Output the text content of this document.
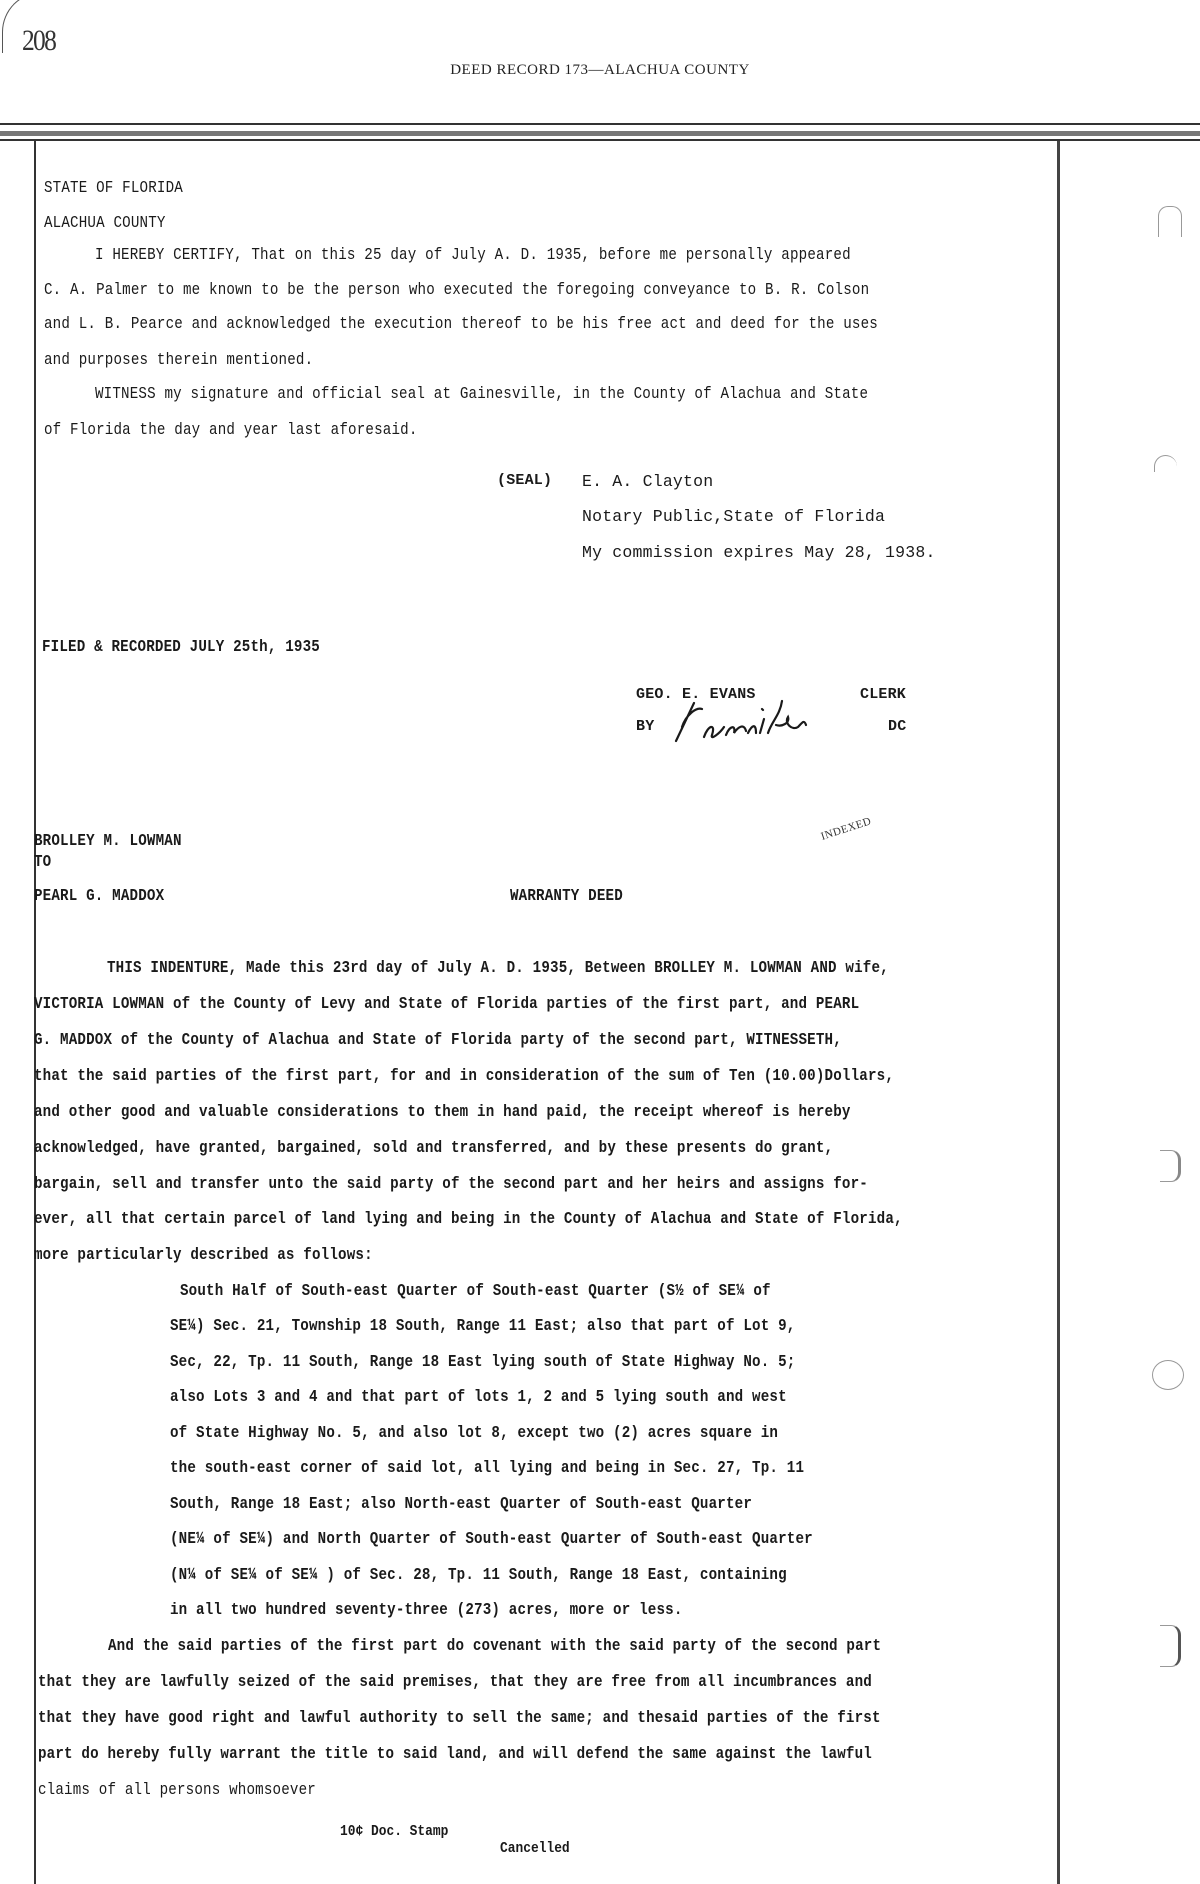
208
DEED RECORD 173—ALACHUA COUNTY
STATE OF FLORIDA
ALACHUA COUNTY
I HEREBY CERTIFY, That on this 25 day of July A. D. 1935, before me personally appeared
C. A. Palmer to me known to be the person who executed the foregoing conveyance to B. R. Colson
and L. B. Pearce and acknowledged the execution thereof to be his free act and deed for the uses
and purposes therein mentioned.
WITNESS my signature and official seal at Gainesville, in the County of Alachua and State
of Florida the day and year last aforesaid.
(SEAL) E. A. Clayton
Notary Public,State of Florida
My commission expires May 28, 1938.
FILED & RECORDED JULY 25th, 1935
GEO. E. EVANS	CLERK
BY	DC
BROLLEY M. LOWMAN
TO
PEARL G. MADDOX
INDEXED
WARRANTY DEED
THIS INDENTURE, Made this 23rd day of July A. D. 1935, Between BROLLEY M. LOWMAN AND wife,
VICTORIA LOWMAN of the County of Levy and State of Florida parties of the first part, and PEARL
G. MADDOX of the County of Alachua and State of Florida party of the second part, WITNESSETH,
that the said parties of the first part, for and in consideration of the sum of Ten (10.00)Dollars,
and other good and valuable considerations to them in hand paid, the receipt whereof is hereby
acknowledged, have granted, bargained, sold and transferred, and by these presents do grant,
bargain, sell and transfer unto the said party of the second part and her heirs and assigns for-
ever, all that certain parcel of land lying and being in the County of Alachua and State of Florida,
more particularly described as follows:
South Half of South-east Quarter of South-east Quarter (S½ of SE¼ of
SE¼) Sec. 21, Township 18 South, Range 11 East; also that part of Lot 9,
Sec, 22, Tp. 11 South, Range 18 East lying south of State Highway No. 5;
also Lots 3 and 4 and that part of lots 1, 2 and 5 lying south and west
of State Highway No. 5, and also lot 8, except two (2) acres square in
the south-east corner of said lot, all lying and being in Sec. 27, Tp. 11
South, Range 18 East; also North-east Quarter of South-east Quarter
(NE¼ of SE¼) and North Quarter of South-east Quarter of South-east Quarter
(N¼ of SE¼ of SE¼ ) of Sec. 28, Tp. 11 South, Range 18 East, containing
in all two hundred seventy-three (273) acres, more or less.
And the said parties of the first part do covenant with the said party of the second part
that they are lawfully seized of the said premises, that they are free from all incumbrances and
that they have good right and lawful authority to sell the same; and thesaid parties of the first
part do hereby fully warrant the title to said land, and will defend the same against the lawful
claims of all persons whomsoever
10¢ Doc. Stamp
Cancelled
